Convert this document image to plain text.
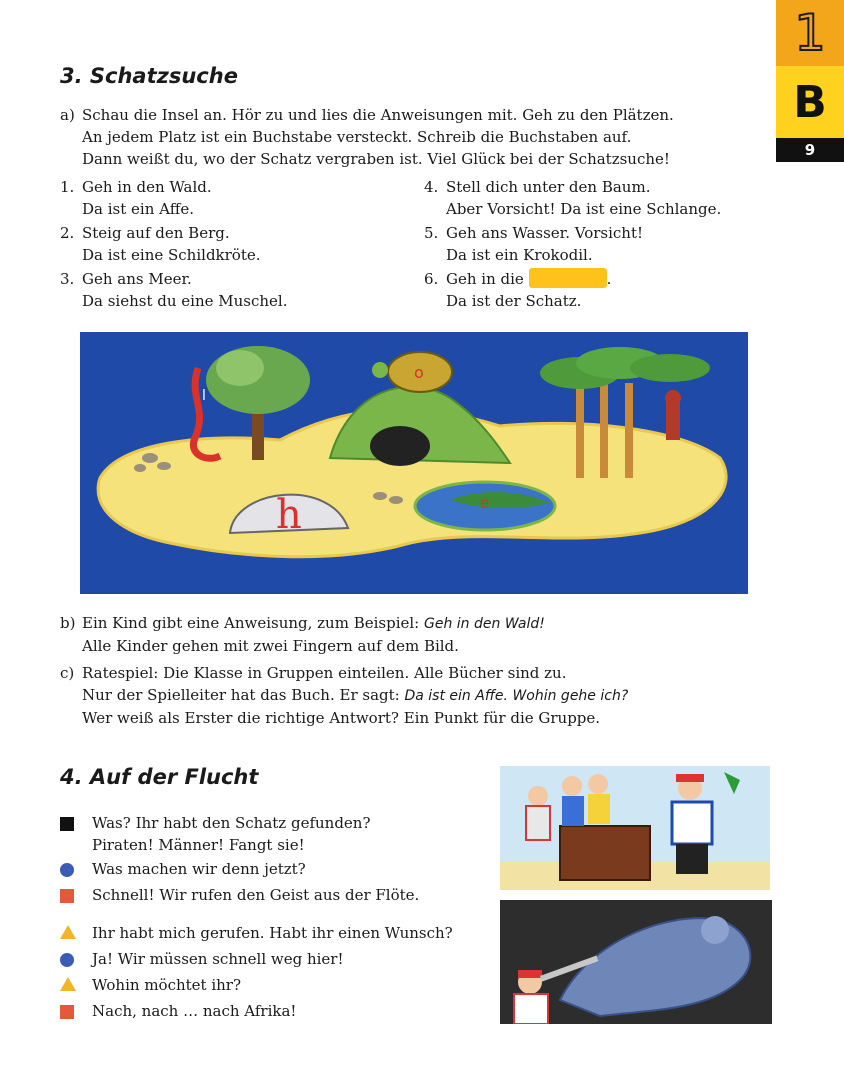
1
B
9
3. Schatzsuche
a) Schau die Insel an. Hör zu und lies die Anweisungen mit. Geh zu den Plätzen.
An jedem Platz ist ein Buchstabe versteckt. Schreib die Buchstaben auf.
Dann weißt du, wo der Schatz vergraben ist. Viel Glück bei der Schatzsuche!
1. Geh in den Wald.
Da ist ein Affe.
2. Steig auf den Berg.
Da ist eine Schildkröte.
3. Geh ans Meer.
Da siehst du eine Muschel.
4. Stell dich unter den Baum.
Aber Vorsicht! Da ist eine Schlange.
5. Geh ans Wasser. Vorsicht!
Da ist ein Krokodil.
6. Geh in die	.
Da ist der Schatz.
l
o
h	e
b) Ein Kind gibt eine Anweisung, zum Beispiel: Geh in den Wald!
Alle Kinder gehen mit zwei Fingern auf dem Bild.
c) Ratespiel: Die Klasse in Gruppen einteilen. Alle Bücher sind zu.
Nur der Spielleiter hat das Buch. Er sagt: Da ist ein Affe. Wohin gehe ich?
Wer weiß als Erster die richtige Antwort? Ein Punkt für die Gruppe.
4. Auf der Flucht
Was? Ihr habt den Schatz gefunden?
Piraten! Männer! Fangt sie!
Was machen wir denn jetzt?
Schnell! Wir rufen den Geist aus der Flöte.
Ihr habt mich gerufen. Habt ihr einen Wunsch?
Ja! Wir müssen schnell weg hier!
Wohin möchtet ihr?
Nach, nach … nach Afrika!
